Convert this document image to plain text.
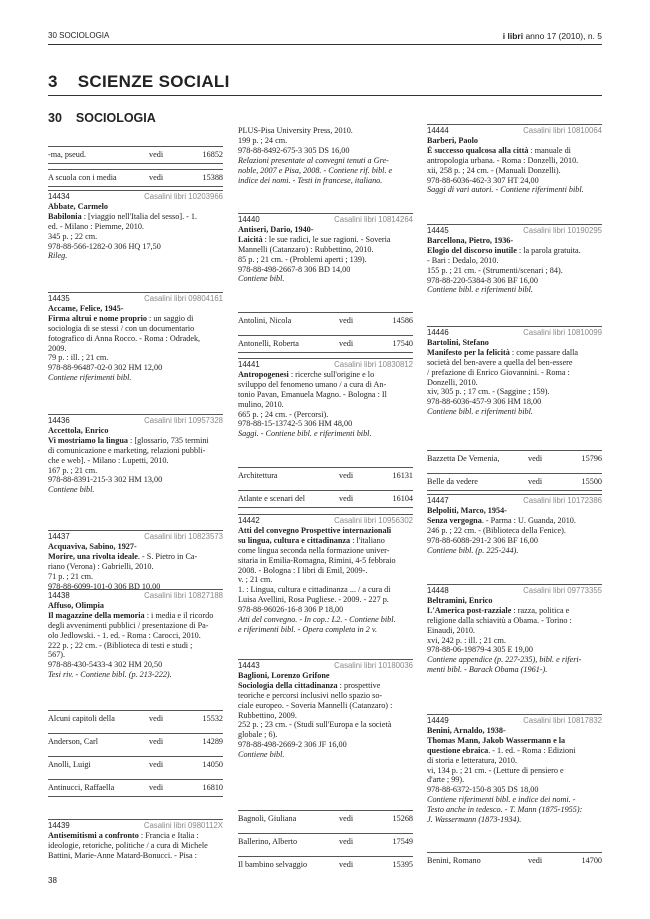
30 SOCIOLOGIA	i libri anno 17 (2010), n. 5
3 SCIENZE SOCIALI
30 SOCIOLOGIA
-ma, pseud.	vedi	16852
A scuola con i media	vedi	15388
14434	Casalini libri 10203966
Abbate, Carmelo
Babilonia : [viaggio nell'Italia del sesso]. - 1.
ed. - Milano : Piemme, 2010.
345 p. ; 22 cm.
978-88-566-1282-0 306 HQ 17,50
Rileg.
14435	Casalini libri 09804161
Accame, Felice, 1945-
Firma altrui e nome proprio : un saggio di
sociologia di se stessi / con un documentario
fotografico di Anna Rocco. - Roma : Odradek,
2009.
79 p. : ill. ; 21 cm.
978-88-96487-02-0 302 HM 12,00
Contiene riferimenti bibl.
14436	Casalini libri 10957328
Accettola, Enrico
Vi mostriamo la lingua : [glossario, 735 termini
di comunicazione e marketing, relazioni pubbli-
che e web]. - Milano : Lupetti, 2010.
167 p. ; 21 cm.
978-88-8391-215-3 302 HM 13,00
Contiene bibl.
14437	Casalini libri 10823573
Acquaviva, Sabino, 1927-
Morire, una rivolta ideale. - S. Pietro in Ca-
riano (Verona) : Gabrielli, 2010.
71 p. ; 21 cm.
978-88-6099-101-0 306 BD 10,00
14438	Casalini libri 10827188
Affuso, Olimpia
Il magazzine della memoria : i media e il ricordo
degli avvenimenti pubblici / presentazione di Pa-
olo Jedlowski. - 1. ed. - Roma : Carocci, 2010.
222 p. ; 22 cm. - (Biblioteca di testi e studi ;
567).
978-88-430-5433-4 302 HM 20,50
Tesi riv. - Contiene bibl. (p. 213-222).
Alcuni capitoli della	vedi	15532
Anderson, Carl	vedi	14289
Anolli, Luigi	vedi	14050
Antinucci, Raffaella	vedi	16810
14439	Casalini libri 0980112X
Antisemitismi a confronto : Francia e Italia :
ideologie, retoriche, politiche / a cura di Michele
Battini, Marie-Anne Matard-Bonucci. - Pisa :
PLUS-Pisa University Press, 2010.
199 p. ; 24 cm.
978-88-8492-675-3 305 DS 16,00
Relazioni presentate al convegni tenuti a Gre-
noble, 2007 e Pisa, 2008. - Contiene rif. bibl. e
indice dei nomi. - Testi in francese, italiano.
14440	Casalini libri 10814264
Antiseri, Dario, 1940-
Laicità : le sue radici, le sue ragioni. - Soveria
Mannelli (Catanzaro) : Rubbettino, 2010.
85 p. ; 21 cm. - (Problemi aperti ; 139).
978-88-498-2667-8 306 BD 14,00
Contiene bibl.
Antolini, Nicola	vedi	14586
Antonelli, Roberta	vedi	17540
14441	Casalini libri 10830812
Antropogenesi : ricerche sull'origine e lo
sviluppo del fenomeno umano / a cura di An-
tonio Pavan, Emanuela Magno. - Bologna : Il
mulino, 2010.
665 p. ; 24 cm. - (Percorsi).
978-88-15-13742-5 306 HM 48,00
Saggi. - Contiene bibl. e riferimenti bibl.
Architettura	vedi	16131
Atlante e scenari del	vedi	16104
14442	Casalini libri 10956302
Atti del convegno Prospettive internazionali
su lingua, cultura e cittadinanza : l'italiano
come lingua seconda nella formazione univer-
sitaria in Emilia-Romagna, Rimini, 4-5 febbraio
2008. - Bologna : I libri di Emil, 2009-.
v. ; 21 cm.
1. : Lingua, cultura e cittadinanza ... / a cura di
Luisa Avellini, Rosa Pugliese. - 2009. - 227 p.
978-88-96026-16-8 306 P 18,00
Atti del convegno. - In cop.: L2. - Contiene bibl.
e riferimenti bibl. - Opera completa in 2 v.
14443	Casalini libri 10180036
Baglioni, Lorenzo Grifone
Sociologia della cittadinanza : prospettive
teoriche e percorsi inclusivi nello spazio so-
ciale europeo. - Soveria Mannelli (Catanzaro) :
Rubbettino, 2009.
252 p. ; 23 cm. - (Studi sull'Europa e la società
globale ; 6).
978-88-498-2669-2 306 JF 16,00
Contiene bibl.
Bagnoli, Giuliana	vedi	15268
Ballerino, Alberto	vedi	17549
Il bambino selvaggio	vedi	15395
14444	Casalini libri 10810064
Barberi, Paolo
È successo qualcosa alla città : manuale di
antropologia urbana. - Roma : Donzelli, 2010.
xii, 258 p. ; 24 cm. - (Manuali Donzelli).
978-88-6036-462-3 307 HT 24,00
Saggi di vari autori. - Contiene riferimenti bibl.
14445	Casalini libri 10190295
Barcellona, Pietro, 1936-
Elogio del discorso inutile : la parola gratuita.
- Bari : Dedalo, 2010.
155 p. ; 21 cm. - (Strumenti/scenari ; 84).
978-88-220-5384-8 306 BF 16,00
Contiene bibl. e riferimenti bibl.
14446	Casalini libri 10810099
Bartolini, Stefano
Manifesto per la felicità : come passare dalla
società del ben-avere a quella del ben-essere
/ prefazione di Enrico Giovannini. - Roma :
Donzelli, 2010.
xiv, 305 p. ; 17 cm. - (Saggine ; 159).
978-88-6036-457-9 306 HM 18,00
Contiene bibl. e riferimenti bibl.
Bazzetta De Vemenia,	vedi	15796
Belle da vedere	vedi	15500
14447	Casalini libri 10172386
Belpoliti, Marco, 1954-
Senza vergogna. - Parma : U. Guanda, 2010.
246 p. ; 22 cm. - (Biblioteca della Fenice).
978-88-6088-291-2 306 BF 16,00
Contiene bibl. (p. 225-244).
14448	Casalini libri 09773355
Beltramini, Enrico
L'America post-razziale : razza, politica e
religione dalla schiavitù a Obama. - Torino :
Einaudi, 2010.
xvi, 242 p. : ill. ; 21 cm.
978-88-06-19879-4 305 E 19,00
Contiene appendice (p. 227-235), bibl. e riferi-
menti bibl. - Barack Obama (1961-).
14449	Casalini libri 10817832
Benini, Arnaldo, 1938-
Thomas Mann, Jakob Wassermann e la
questione ebraica. - 1. ed. - Roma : Edizioni
di storia e letteratura, 2010.
vi, 134 p. ; 21 cm. - (Letture di pensiero e
d'arte ; 99).
978-88-6372-150-8 305 DS 18,00
Contiene riferimenti bibl. e indice dei nomi. -
Testo anche in tedesco. - T. Mann (1875-1955):
J. Wassermann (1873-1934).
Benini, Romano	vedi	14700
38
